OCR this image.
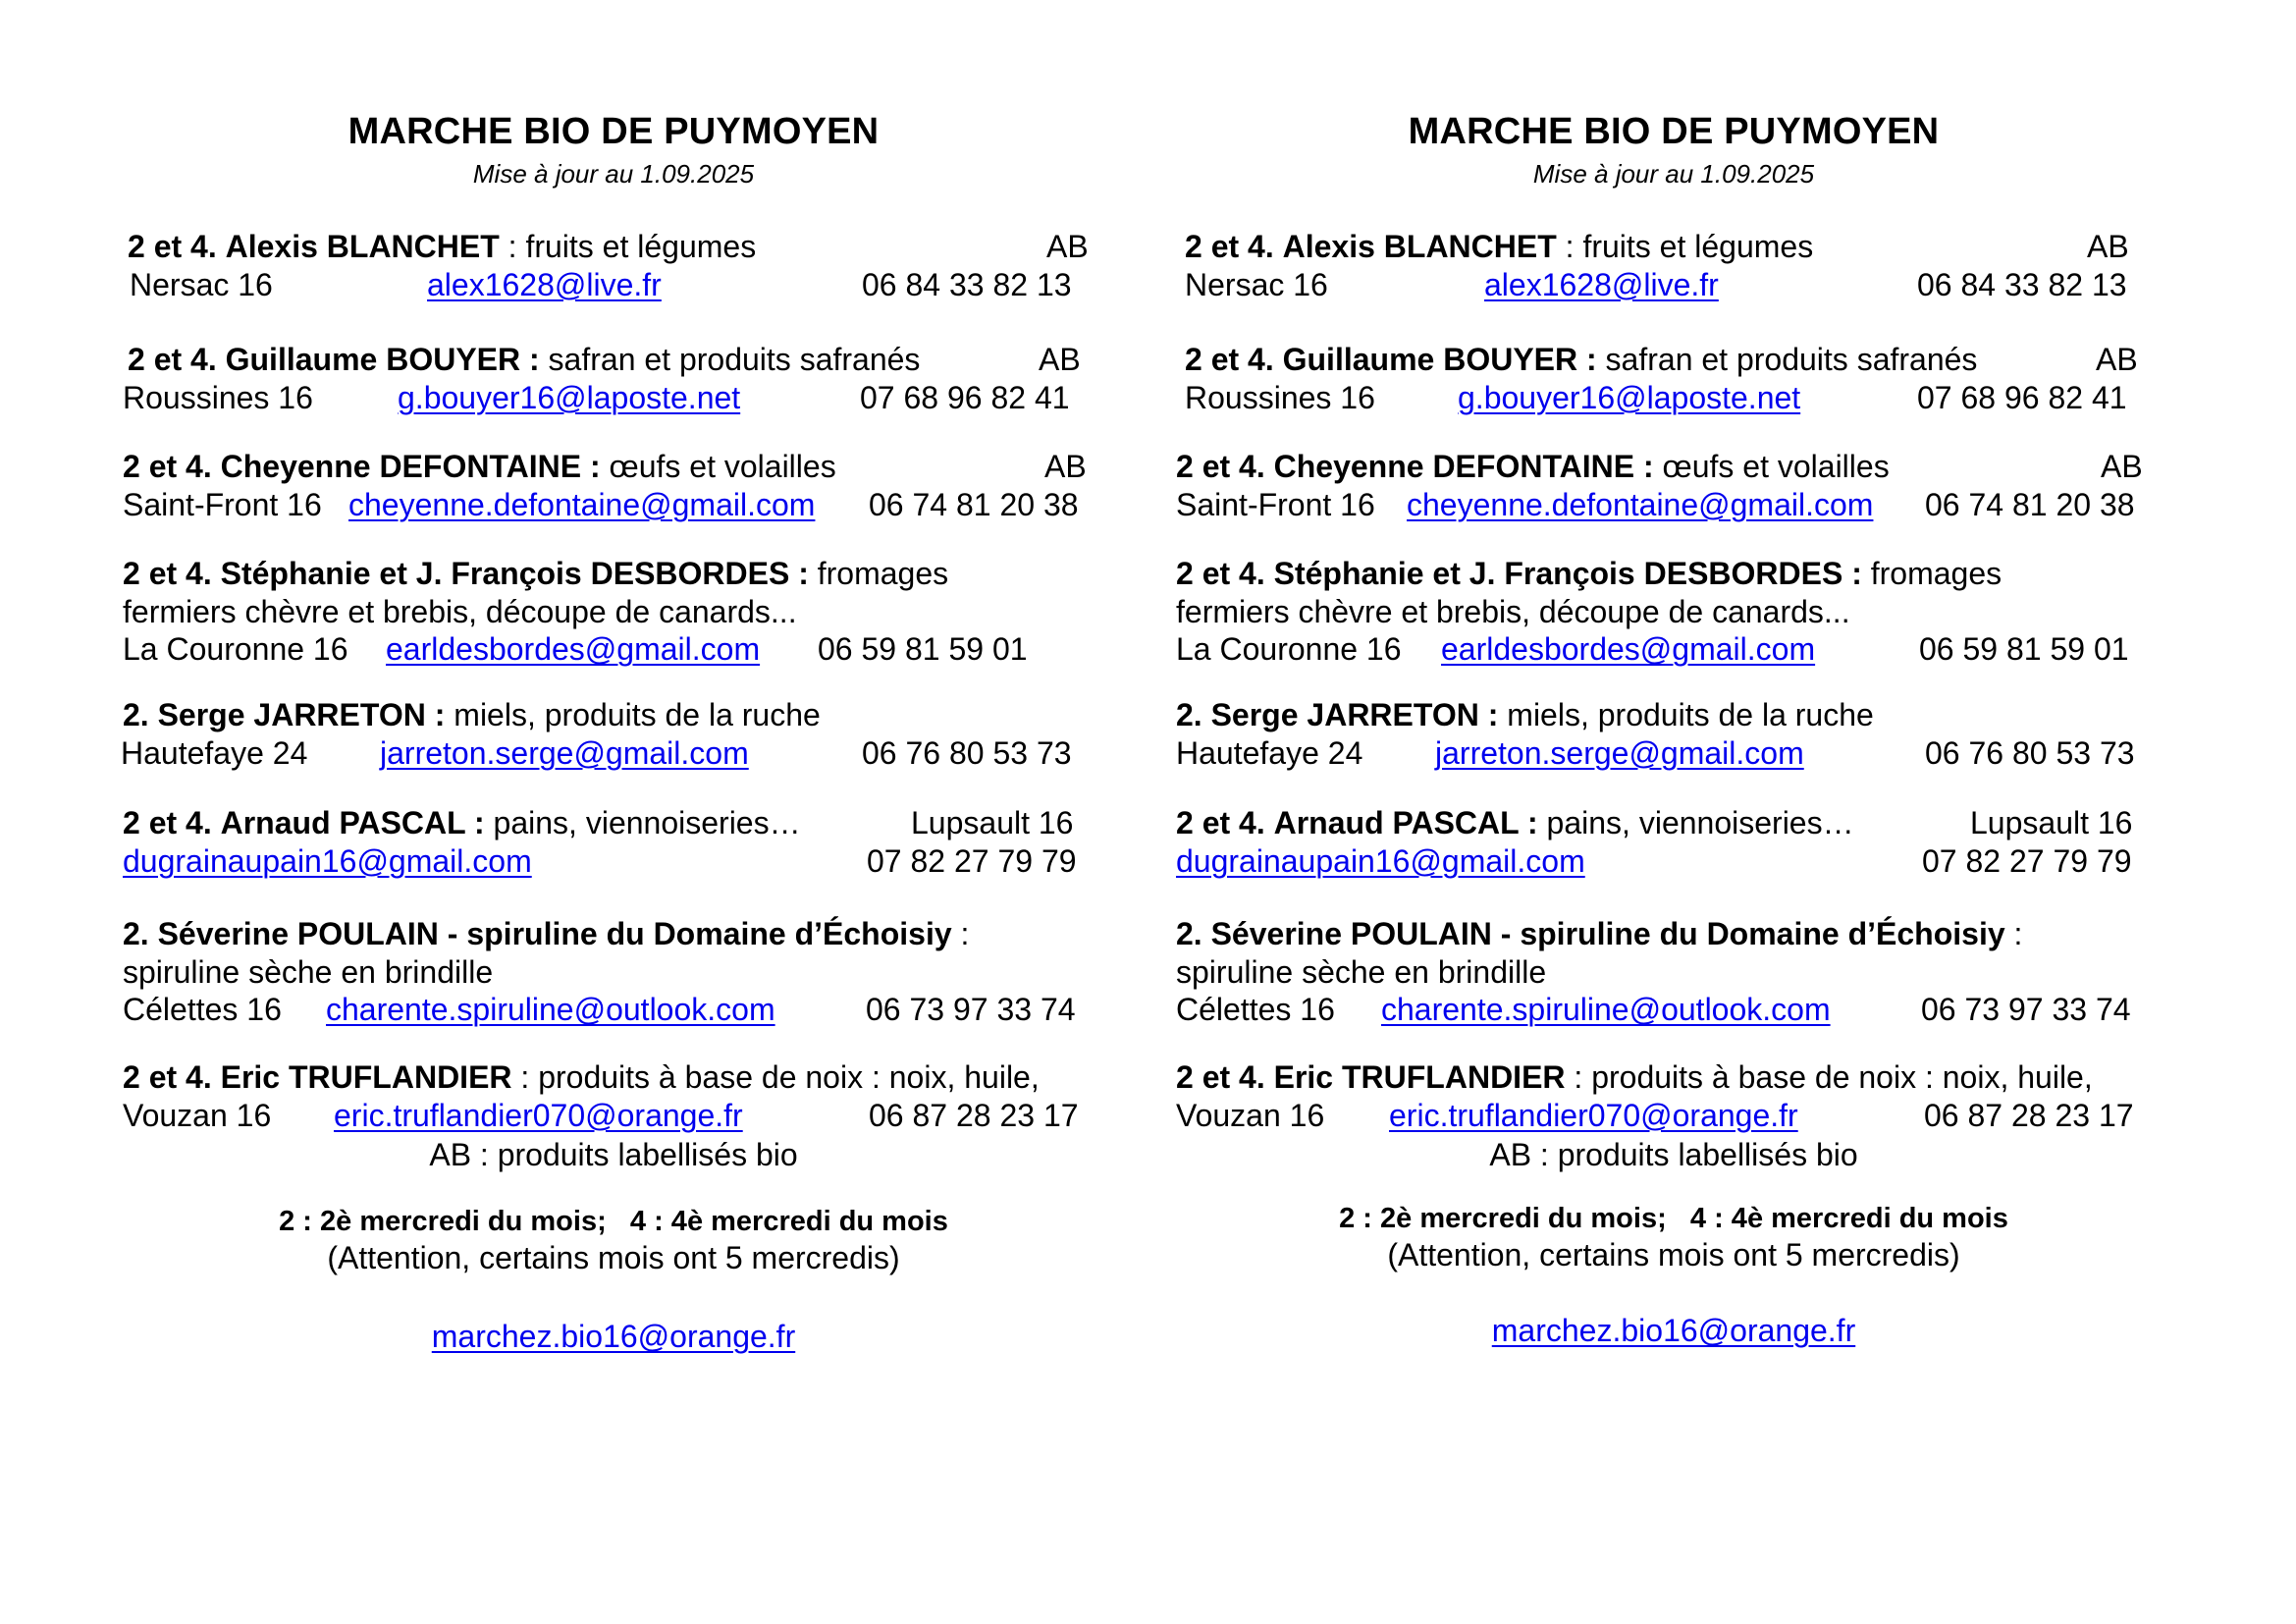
MARCHE BIO DE PUYMOYEN
Mise à jour au 1.09.2025
2 et 4. Alexis BLANCHET : fruits et légumes	AB
Nersac 16	alex1628@live.fr	06 84 33 82 13
2 et 4. Guillaume BOUYER : safran et produits safranés	AB
Roussines 16	g.bouyer16@laposte.net	07 68 96 82 41
2 et 4. Cheyenne DEFONTAINE : œufs et volailles	AB
Saint-Front 16 cheyenne.defontaine@gmail.com 06 74 81 20 38
2 et 4. Stéphanie et J. François DESBORDES : fromages
fermiers chèvre et brebis, découpe de canards...
La Couronne 16 earldesbordes@gmail.com 06 59 81 59 01
2. Serge JARRETON : miels, produits de la ruche
Hautefaye 24 jarreton.serge@gmail.com	06 76 80 53 73
2 et 4. Arnaud PASCAL : pains, viennoiseries…	Lupsault 16
dugrainaupain16@gmail.com	07 82 27 79 79
2. Séverine POULAIN - spiruline du Domaine d’Échoisiy :
spiruline sèche en brindille
Célettes 16 charente.spiruline@outlook.com	06 73 97 33 74
2 et 4. Eric TRUFLANDIER : produits à base de noix : noix, huile,
Vouzan 16 eric.truflandier070@orange.fr	06 87 28 23 17
AB : produits labellisés bio
2 : 2è mercredi du mois;   4 : 4è mercredi du mois
(Attention, certains mois ont 5 mercredis)
marchez.bio16@orange.fr
MARCHE BIO DE PUYMOYEN
Mise à jour au 1.09.2025
2 et 4. Alexis BLANCHET : fruits et légumes	AB
Nersac 16	alex1628@live.fr	06 84 33 82 13
2 et 4. Guillaume BOUYER : safran et produits safranés	AB
Roussines 16	g.bouyer16@laposte.net	07 68 96 82 41
2 et 4. Cheyenne DEFONTAINE : œufs et volailles	AB
Saint-Front 16 cheyenne.defontaine@gmail.com 06 74 81 20 38
2 et 4. Stéphanie et J. François DESBORDES : fromages
fermiers chèvre et brebis, découpe de canards...
La Couronne 16 earldesbordes@gmail.com	06 59 81 59 01
2. Serge JARRETON : miels, produits de la ruche
Hautefaye 24 jarreton.serge@gmail.com	06 76 80 53 73
2 et 4. Arnaud PASCAL : pains, viennoiseries…	Lupsault 16
dugrainaupain16@gmail.com	07 82 27 79 79
2. Séverine POULAIN - spiruline du Domaine d’Échoisiy :
spiruline sèche en brindille
Célettes 16 charente.spiruline@outlook.com	06 73 97 33 74
2 et 4. Eric TRUFLANDIER : produits à base de noix : noix, huile,
Vouzan 16 eric.truflandier070@orange.fr	06 87 28 23 17
AB : produits labellisés bio
2 : 2è mercredi du mois;   4 : 4è mercredi du mois
(Attention, certains mois ont 5 mercredis)
marchez.bio16@orange.fr
